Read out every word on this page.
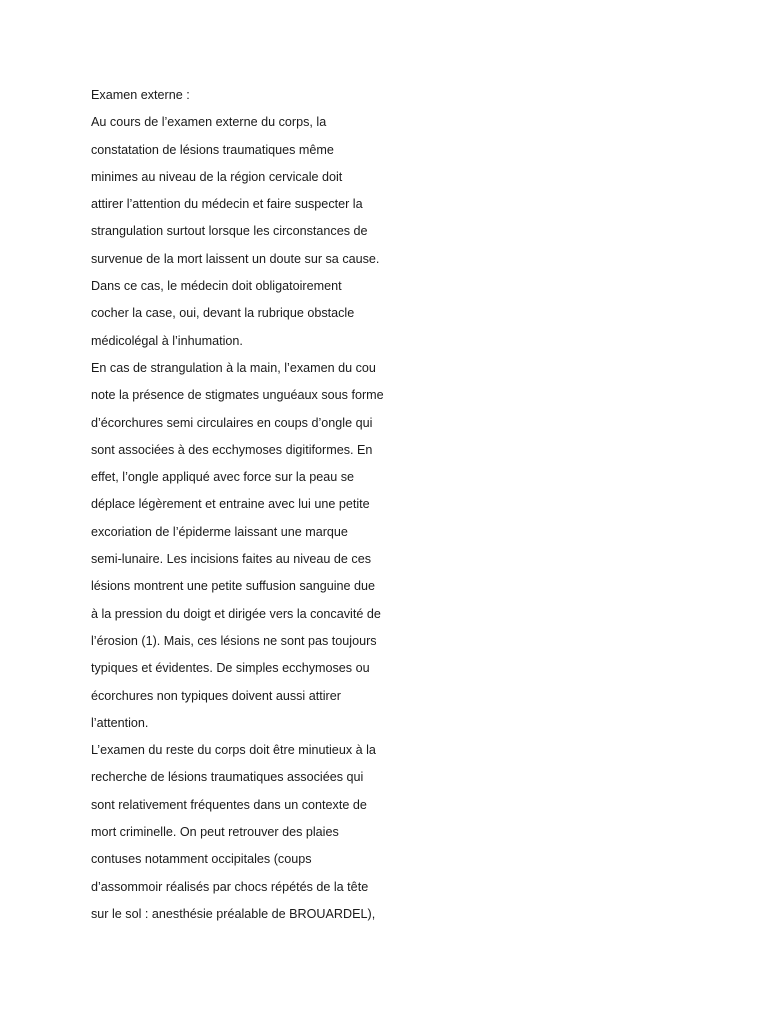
Examen externe :
Au cours de l’examen externe du corps, la
constatation de lésions traumatiques même
minimes au niveau de la région cervicale doit
attirer l’attention du médecin et faire suspecter la
strangulation surtout lorsque les circonstances de
survenue de la mort laissent un doute sur sa cause.
Dans ce cas, le médecin doit obligatoirement
cocher la case, oui, devant la rubrique obstacle
médicolégal à l’inhumation.
En cas de strangulation à la main, l’examen du cou
note la présence de stigmates unguéaux sous forme
d’écorchures semi circulaires en coups d’ongle qui
sont associées à des ecchymoses digitiformes. En
effet, l’ongle appliqué avec force sur la peau se
déplace légèrement et entraine avec lui une petite
excoriation de l’épiderme laissant une marque
semi-lunaire. Les incisions faites au niveau de ces
lésions montrent une petite suffusion sanguine due
à la pression du doigt et dirigée vers la concavité de
l’érosion (1). Mais, ces lésions ne sont pas toujours
typiques et évidentes. De simples ecchymoses ou
écorchures non typiques doivent aussi attirer
l’attention.
L’examen du reste du corps doit être minutieux à la
recherche de lésions traumatiques associées qui
sont relativement fréquentes dans un contexte de
mort criminelle. On peut retrouver des plaies
contuses notamment occipitales (coups
d’assommoir réalisés par chocs répétés de la tête
sur le sol : anesthésie préalable de BROUARDEL),
